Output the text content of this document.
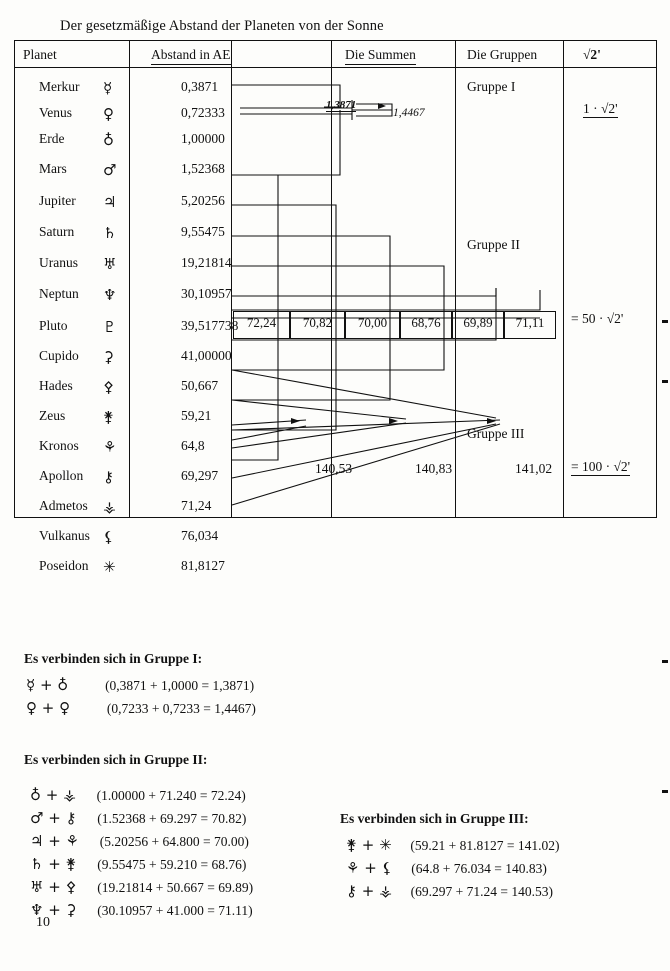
Der gesetzmäßige Abstand der Planeten von der Sonne
Planet	Abstand in AE	Die Summen	Die Gruppen	√2'
Merkur ☿	0,3871
Venus ♀	0,72333
Erde	♁	1,00000
Mars ♂	1,52368
Jupiter ♃	5,20256
Saturn ♄	9,55475
Uranus ♅	19,21814
Neptun ♆	30,10957
Pluto ♇	39,517738
Cupido ⚳	41,00000
Hades ⚴	50,667
Zeus	⚵	59,21
Kronos ⚘	64,8
Apollon ⚷	69,297
Admetos ⚶	71,24
Vulkanus ⚸	76,034
Poseidon ✳	81,8127
Gruppe I
Gruppe II
Gruppe III
1,3871
1,4467
72,24	70,82	70,00	68,76	69,89	71,11
140,53	140,83	141,02
1 · √2'
= 50 · √2'
= 100 · √2'
Es verbinden sich in Gruppe I:
☿ + ♁	(0,3871 + 1,0000 = 1,3871)
♀ + ♀	(0,7233 + 0,7233 = 1,4467)
Es verbinden sich in Gruppe II:
♁ + ⚶ (1.00000 + 71.240 = 72.24)
♂ + ⚷ (1.52368 + 69.297 = 70.82)
♃ + ⚘ (5.20256 + 64.800 = 70.00)
♄ + ⚵ (9.55475 + 59.210 = 68.76)
♅ + ⚴ (19.21814 + 50.667 = 69.89)
♆ + ⚳ (30.10957 + 41.000 = 71.11)
Es verbinden sich in Gruppe III:
⚵ + ✳ (59.21 + 81.8127 = 141.02)
⚘ + ⚸ (64.8 + 76.034 = 140.83)
⚷ + ⚶ (69.297 + 71.24 = 140.53)
10
